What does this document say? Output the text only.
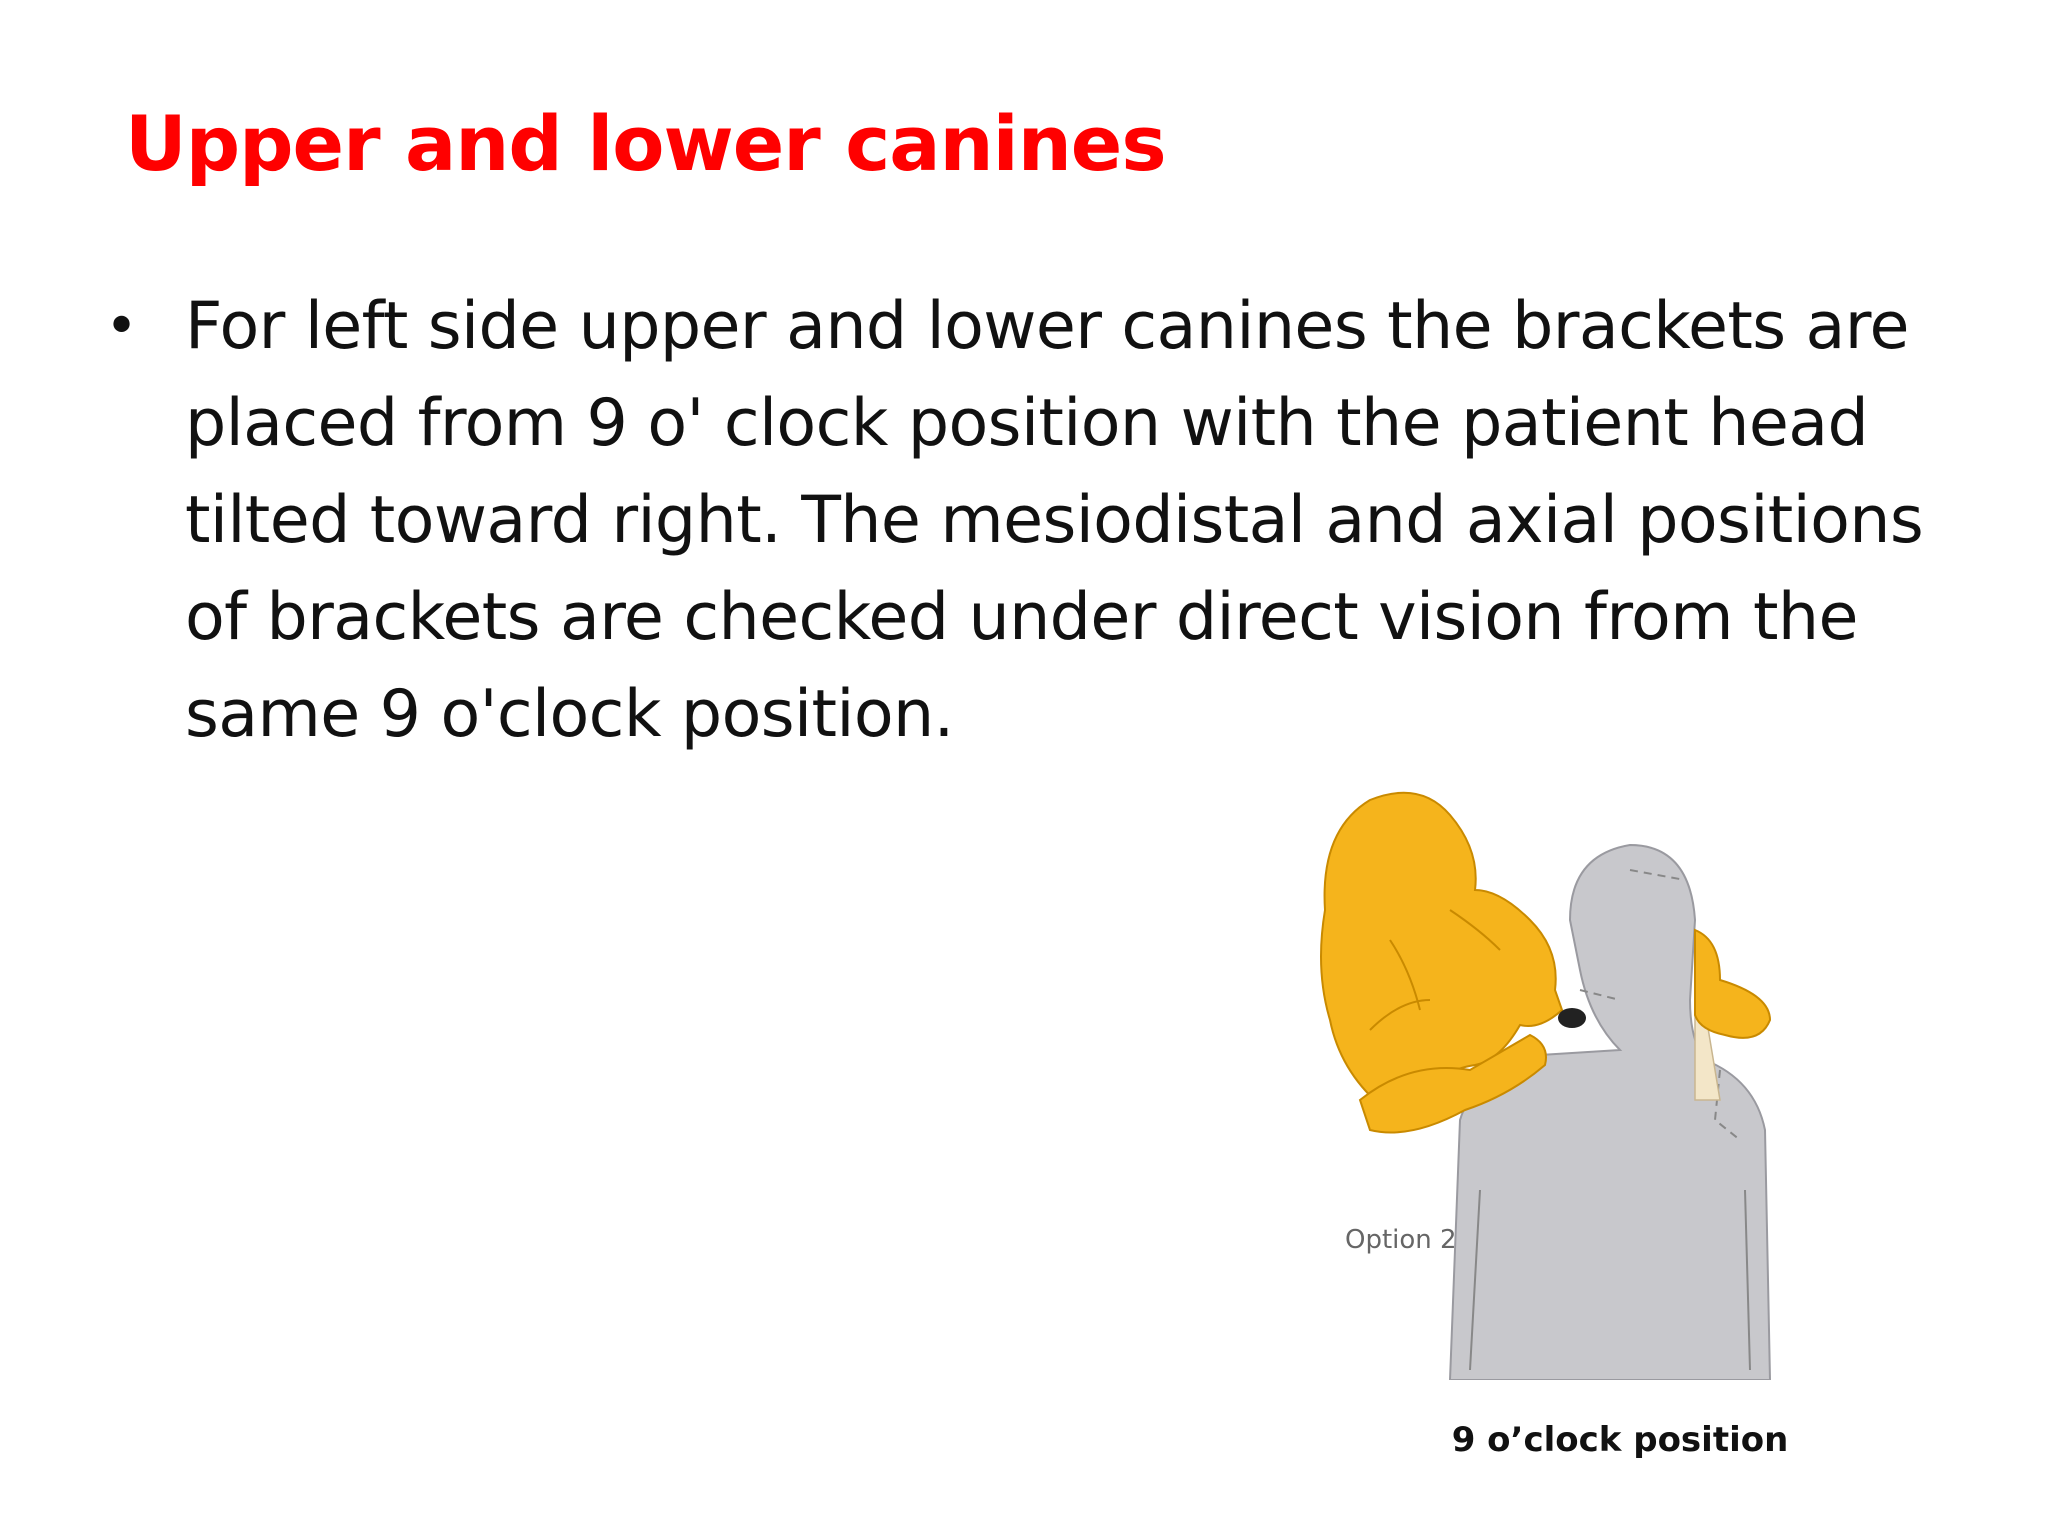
Upper and lower canines
• For left side upper and lower canines the brackets are placed from 9 o' clock position with the patient head tilted toward right. The mesiodistal and axial positions of brackets are checked under direct vision from the same 9 o'clock position.
Option 2
9 o’clock position
